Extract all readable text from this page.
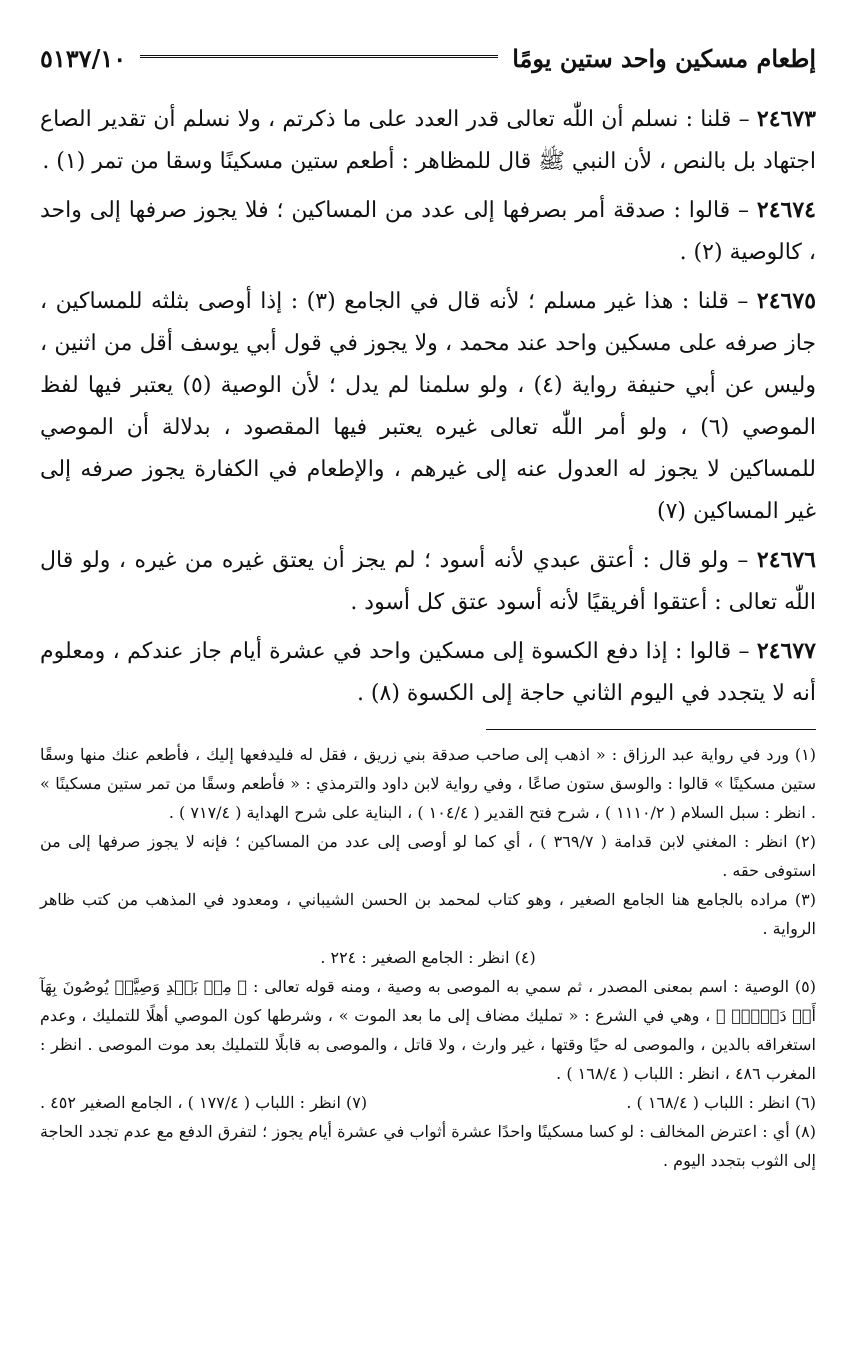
إطعام مسكين واحد ستين يومًا
٥١٣٧/١٠

٢٤٦٧٣ – قلنا : نسلم أن اللّٰه تعالى قدر العدد على ما ذكرتم ، ولا نسلم أن تقدير الصاع اجتهاد بل بالنص ، لأن النبي ﷺ قال للمظاهر : أطعم ستين مسكينًا وسقا من تمر (١) .

٢٤٦٧٤ – قالوا : صدقة أمر بصرفها إلى عدد من المساكين ؛ فلا يجوز صرفها إلى واحد ، كالوصية (٢) .

٢٤٦٧٥ – قلنا : هذا غير مسلم ؛ لأنه قال في الجامع (٣) : إذا أوصى بثلثه للمساكين ، جاز صرفه على مسكين واحد عند محمد ، ولا يجوز في قول أبي يوسف أقل من اثنين ، وليس عن أبي حنيفة رواية (٤) ، ولو سلمنا لم يدل ؛ لأن الوصية (٥) يعتبر فيها لفظ الموصي (٦) ، ولو أمر اللّٰه تعالى غيره يعتبر فيها المقصود ، بدلالة أن الموصي للمساكين لا يجوز له العدول عنه إلى غيرهم ، والإطعام في الكفارة يجوز صرفه إلى غير المساكين (٧)

٢٤٦٧٦ – ولو قال : أعتق عبدي لأنه أسود ؛ لم يجز أن يعتق غيره من غيره ، ولو قال اللّٰه تعالى : أعتقوا أفريقيًا لأنه أسود عتق كل أسود .

٢٤٦٧٧ – قالوا : إذا دفع الكسوة إلى مسكين واحد في عشرة أيام جاز عندكم ، ومعلوم أنه لا يتجدد في اليوم الثاني حاجة إلى الكسوة (٨) .

(١) ورد في رواية عبد الرزاق : « اذهب إلى صاحب صدقة بني زريق ، فقل له فليدفعها إليك ، فأطعم عنك منها وسقًا ستين مسكينًا » قالوا : والوسق ستون صاعًا ، وفي رواية لابن داود والترمذي : « فأطعم وسقًا من تمر ستين مسكينًا » . انظر : سبل السلام ( ١١١٠/٢ ) ، شرح فتح القدير ( ١٠٤/٤ ) ، البناية على شرح الهداية ( ٧١٧/٤ ) .

(٢) انظر : المغني لابن قدامة ( ٣٦٩/٧ ) ، أي كما لو أوصى إلى عدد من المساكين ؛ فإنه لا يجوز صرفها إلى من استوفى حقه .

(٣) مراده بالجامع هنا الجامع الصغير ، وهو كتاب لمحمد بن الحسن الشيباني ، ومعدود في المذهب من كتب ظاهر الرواية .

(٤) انظر : الجامع الصغير : ٢٢٤ .

(٥) الوصية : اسم بمعنى المصدر ، ثم سمي به الموصى به وصية ، ومنه قوله تعالى : ﴿ مِنۢ بَعۡدِ وَصِيَّةٖ يُوصُونَ بِهَآ أَوۡ دَيۡنٍۗ ﴾ ، وهي في الشرع : « تمليك مضاف إلى ما بعد الموت » ، وشرطها كون الموصي أهلًا للتمليك ، وعدم استغراقه بالدين ، والموصى له حيًا وقتها ، غير وارث ، ولا قاتل ، والموصى به قابلًا للتمليك بعد موت الموصى . انظر : المغرب ٤٨٦ ، انظر : اللباب ( ١٦٨/٤ ) .

(٦) انظر : اللباب ( ١٦٨/٤ ) .
(٧) انظر : اللباب ( ١٧٧/٤ ) ، الجامع الصغير ٤٥٢ .

(٨) أي : اعترض المخالف : لو كسا مسكينًا واحدًا عشرة أثواب في عشرة أيام يجوز ؛ لتفرق الدفع مع عدم تجدد الحاجة إلى الثوب بتجدد اليوم .
